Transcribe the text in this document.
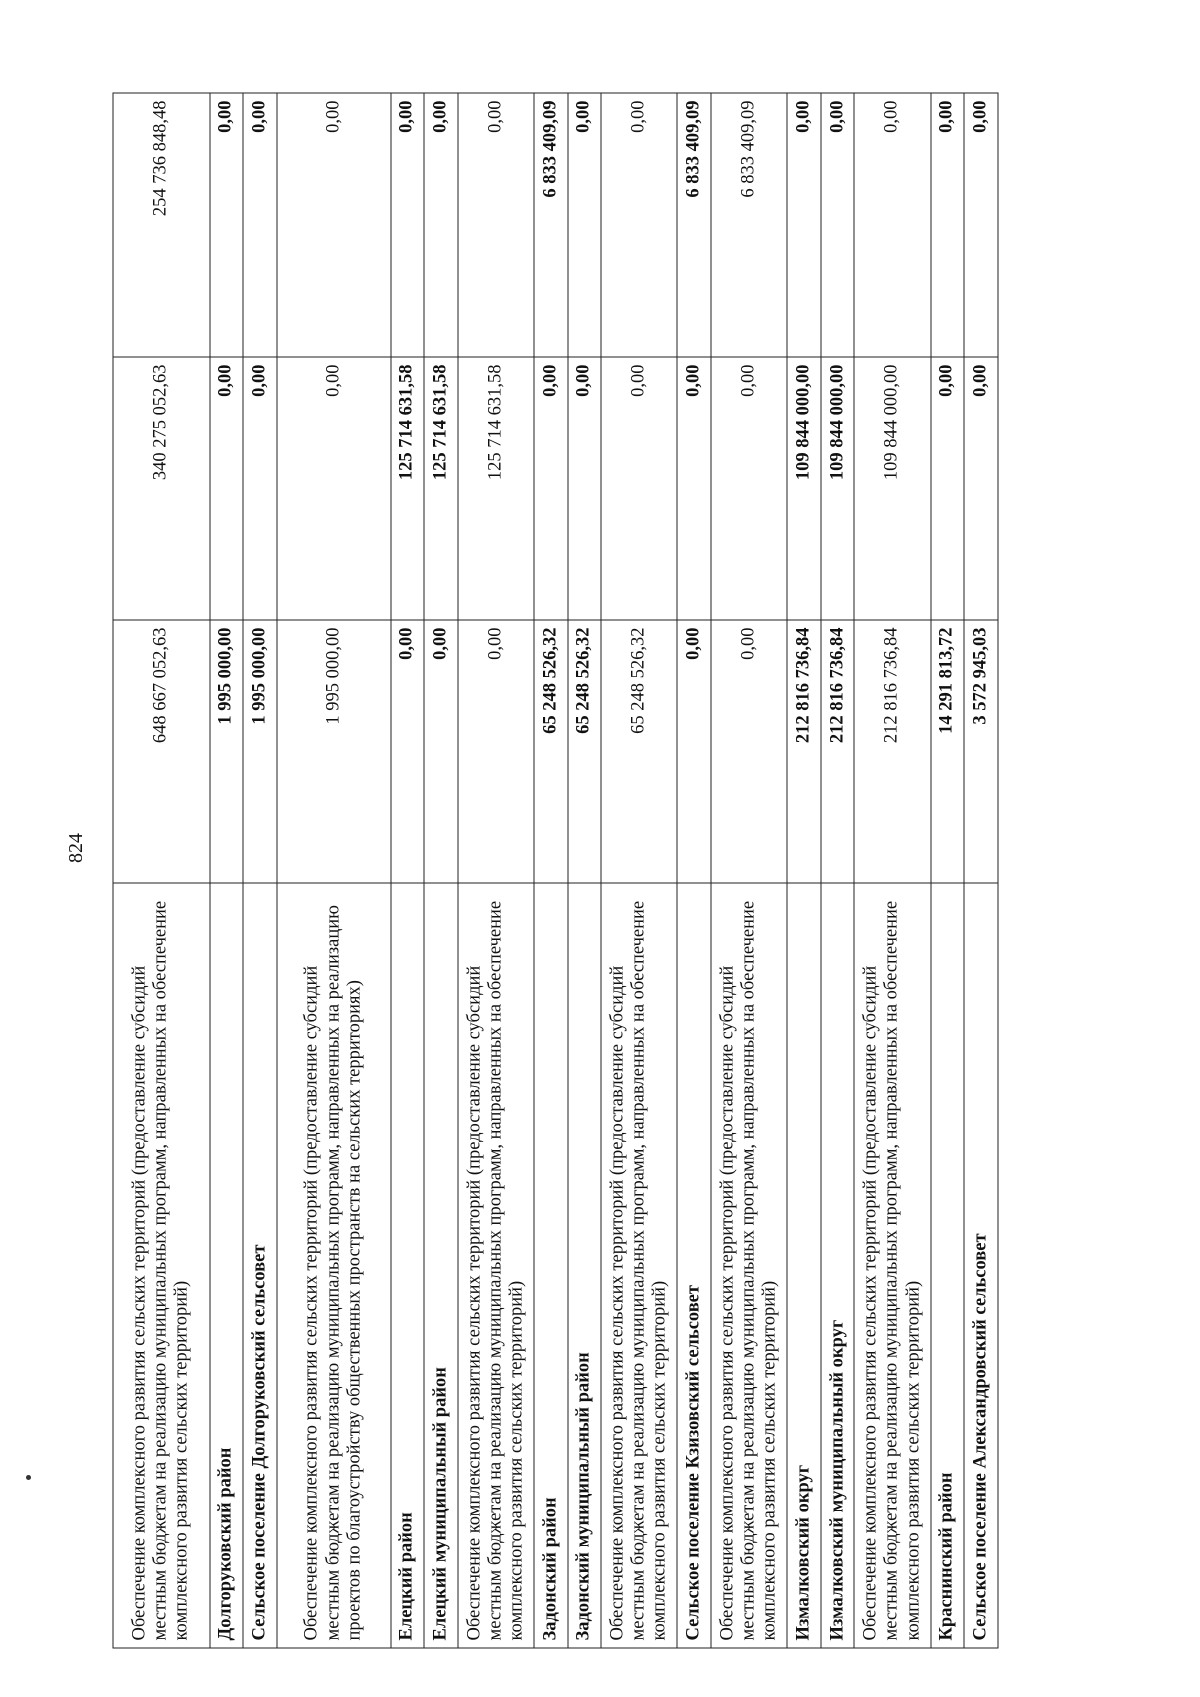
824
Обеспечение комплексного развития сельских территорий (предоставление субсидий местным бюджетам на реализацию муниципальных программ, направленных на обеспечение комплексного развития сельских территорий)	648 667 052,63	340 275 052,63	254 736 848,48
Долгоруковский район	1 995 000,00	0,00	0,00
Сельское поселение Долгоруковский сельсовет	1 995 000,00	0,00	0,00
Обеспечение комплексного развития сельских территорий (предоставление субсидий местным бюджетам на реализацию муниципальных программ, направленных на реализацию проектов по благоустройству общественных пространств на сельских территориях)	1 995 000,00	0,00	0,00
Елецкий район	0,00	125 714 631,58	0,00
Елецкий муниципальный район	0,00	125 714 631,58	0,00
Обеспечение комплексного развития сельских территорий (предоставление субсидий местным бюджетам на реализацию муниципальных программ, направленных на обеспечение комплексного развития сельских территорий)	0,00	125 714 631,58	0,00
Задонский район	65 248 526,32	0,00	6 833 409,09
Задонский муниципальный район	65 248 526,32	0,00	0,00
Обеспечение комплексного развития сельских территорий (предоставление субсидий местным бюджетам на реализацию муниципальных программ, направленных на обеспечение комплексного развития сельских территорий)	65 248 526,32	0,00	0,00
Сельское поселение Кзизовский сельсовет	0,00	0,00	6 833 409,09
Обеспечение комплексного развития сельских территорий (предоставление субсидий местным бюджетам на реализацию муниципальных программ, направленных на обеспечение комплексного развития сельских территорий)	0,00	0,00	6 833 409,09
Измалковский округ	212 816 736,84	109 844 000,00	0,00
Измалковский муниципальный округ	212 816 736,84	109 844 000,00	0,00
Обеспечение комплексного развития сельских территорий (предоставление субсидий местным бюджетам на реализацию муниципальных программ, направленных на обеспечение комплексного развития сельских территорий)	212 816 736,84	109 844 000,00	0,00
Краснинский район	14 291 813,72	0,00	0,00
Сельское поселение Александровский сельсовет	3 572 945,03	0,00	0,00
